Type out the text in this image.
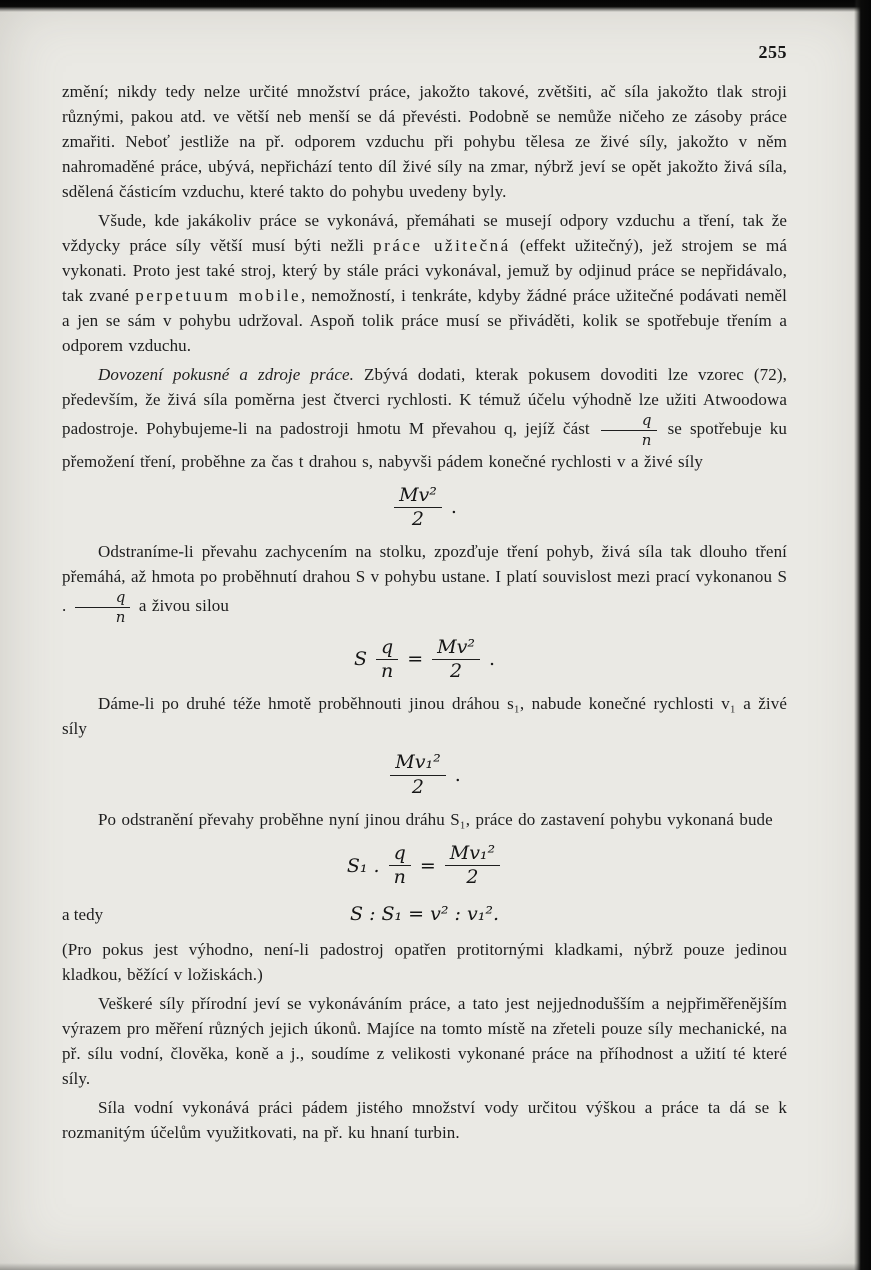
255

změní; nikdy tedy nelze určité množství práce, jakožto takové, zvětšiti, ač síla jakožto tlak stroji různými, pakou atd. ve větší neb menší se dá převésti. Podobně se nemůže ničeho ze zásoby práce zmařiti. Neboť jestliže na př. odporem vzduchu při pohybu tělesa ze živé síly, jakožto v něm nahromaděné práce, ubývá, nepřichází tento díl živé síly na zmar, nýbrž jeví se opět jakožto živá síla, sdělená částicím vzduchu, které takto do pohybu uvedeny byly.

Všude, kde jakákoliv práce se vykonává, přemáhati se musejí odpory vzduchu a tření, tak že vždycky práce síly větší musí býti nežli práce užitečná (effekt užitečný), jež strojem se má vykonati. Proto jest také stroj, který by stále práci vykonával, jemuž by odjinud práce se nepřidávalo, tak zvané perpetuum mobile, nemožností, i tenkráte, kdyby žádné práce užitečné podávati neměl a jen se sám v pohybu udržoval. Aspoň tolik práce musí se přiváděti, kolik se spotřebuje třením a odporem vzduchu.

Dovození pokusné a zdroje práce. Zbývá dodati, kterak pokusem dovoditi lze vzorec (72), především, že živá síla poměrna jest čtverci rychlosti. K témuž účelu výhodně lze užiti Atwoodowa padostroje. Pohybujeme-li na padostroji hmotu M převahou q, jejíž část $\frac{q}{n}$ se spotřebuje ku přemožení tření, proběhne za čas t drahou s, nabyvši pádem konečné rychlosti v a živé síly

$\frac{\text{Mv²}}{2}$ .

Odstraníme-li převahu zachycením na stolku, zpozďuje tření pohyb, živá síla tak dlouho tření přemáhá, až hmota po proběhnutí drahou S v pohybu ustane. I platí souvislost mezi prací vykonanou S . $\frac{q}{n}$ a živou silou

S $\frac{q}{n} = \frac{\text{Mv²}}{2}$ .

Dáme-li po druhé téže hmotě proběhnouti jinou dráhou s₁, nabude konečné rychlosti v₁ a živé síly

$\frac{\text{Mv₁²}}{2}$ .

Po odstranění převahy proběhne nyní jinou dráhu S₁, práce do zastavení pohybu vykonaná bude

S₁ . $\frac{q}{n} = \frac{\text{Mv₁²}}{2}$
a tedy	S : S₁ = v² : v₁².

(Pro pokus jest výhodno, není-li padostroj opatřen protitornými kladkami, nýbrž pouze jedinou kladkou, běžící v ložiskách.)

Veškeré síly přírodní jeví se vykonáváním práce, a tato jest nejjednodušším a nejpřiměřenějším výrazem pro měření různých jejich úkonů. Majíce na tomto místě na zřeteli pouze síly mechanické, na př. sílu vodní, člověka, koně a j., soudíme z velikosti vykonané práce na příhodnost a užití té které síly.

Síla vodní vykonává práci pádem jistého množství vody určitou výškou a práce ta dá se k rozmanitým účelům využitkovati, na př. ku hnaní turbin.
